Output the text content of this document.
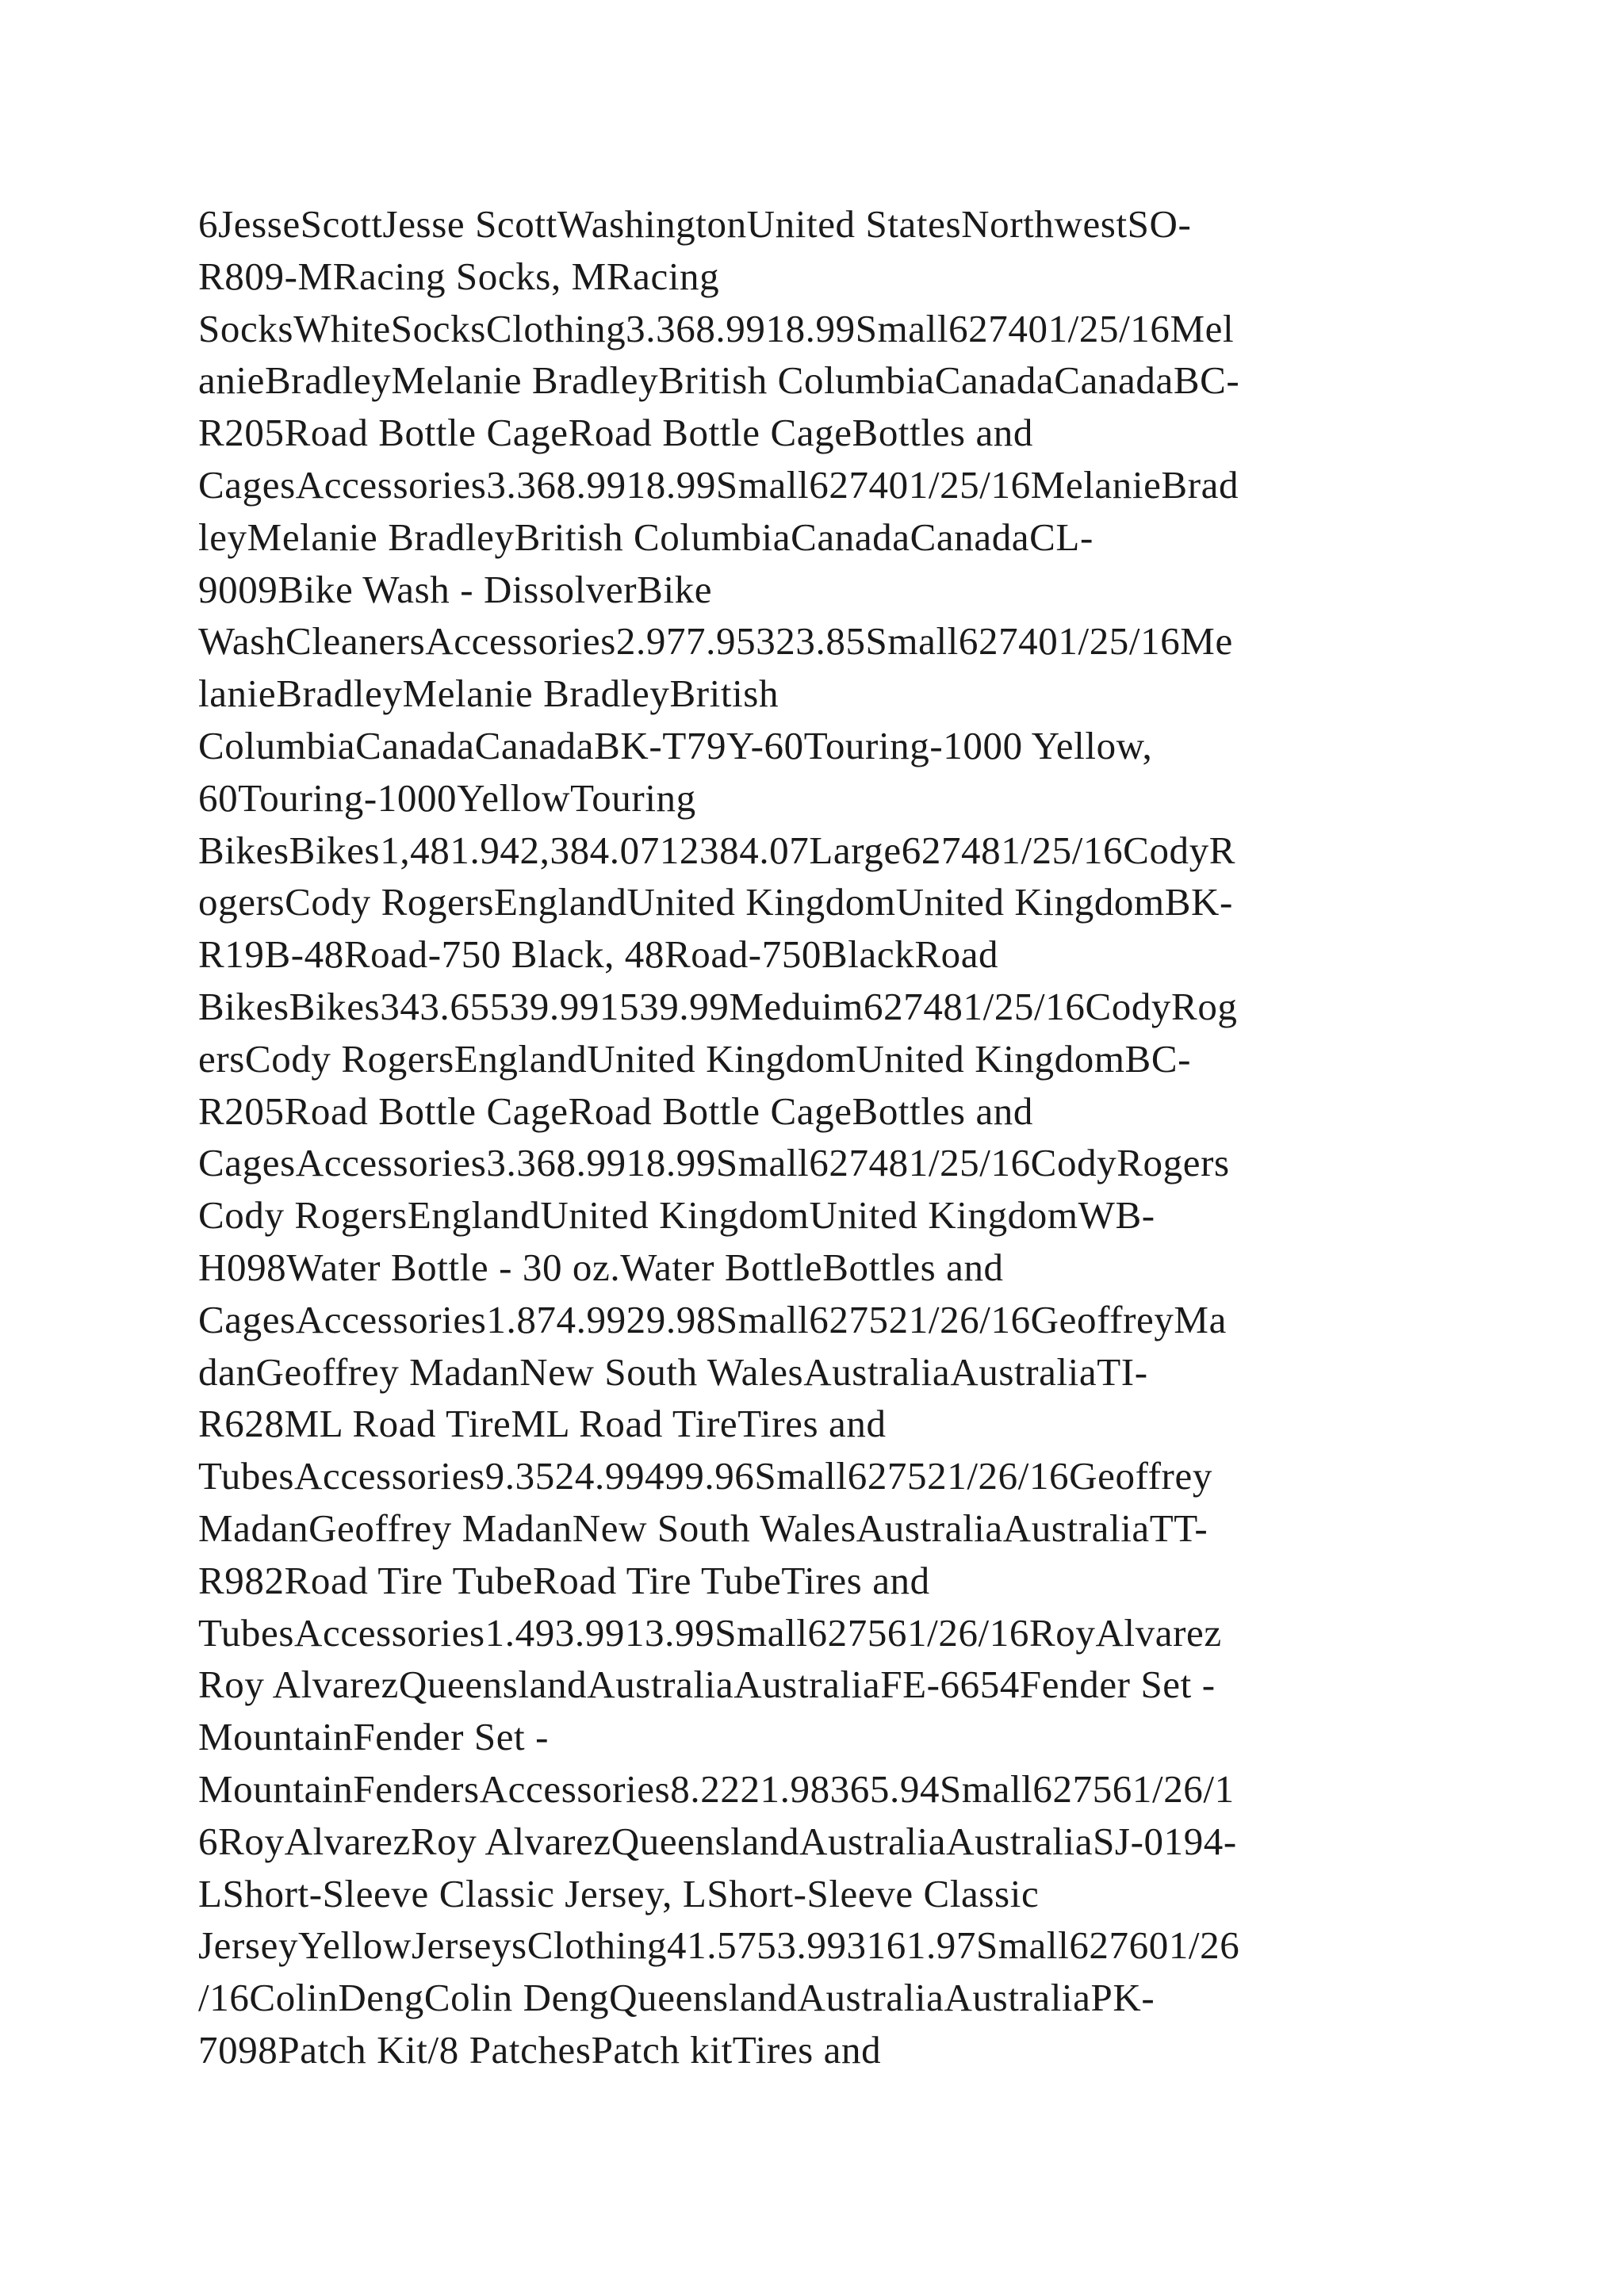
6JesseScottJesse ScottWashingtonUnited StatesNorthwestSO-
R809-MRacing Socks, MRacing
SocksWhiteSocksClothing3.368.9918.99Small627401/25/16Mel
anieBradleyMelanie BradleyBritish ColumbiaCanadaCanadaBC-
R205Road Bottle CageRoad Bottle CageBottles and
CagesAccessories3.368.9918.99Small627401/25/16MelanieBrad
leyMelanie BradleyBritish ColumbiaCanadaCanadaCL-
9009Bike Wash - DissolverBike
WashCleanersAccessories2.977.95323.85Small627401/25/16Me
lanieBradleyMelanie BradleyBritish
ColumbiaCanadaCanadaBK-T79Y-60Touring-1000 Yellow,
60Touring-1000YellowTouring
BikesBikes1,481.942,384.0712384.07Large627481/25/16CodyR
ogersCody RogersEnglandUnited KingdomUnited KingdomBK-
R19B-48Road-750 Black, 48Road-750BlackRoad
BikesBikes343.65539.991539.99Meduim627481/25/16CodyRog
ersCody RogersEnglandUnited KingdomUnited KingdomBC-
R205Road Bottle CageRoad Bottle CageBottles and
CagesAccessories3.368.9918.99Small627481/25/16CodyRogers
Cody RogersEnglandUnited KingdomUnited KingdomWB-
H098Water Bottle - 30 oz.Water BottleBottles and
CagesAccessories1.874.9929.98Small627521/26/16GeoffreyMa
danGeoffrey MadanNew South WalesAustraliaAustraliaTI-
R628ML Road TireML Road TireTires and
TubesAccessories9.3524.99499.96Small627521/26/16Geoffrey
MadanGeoffrey MadanNew South WalesAustraliaAustraliaTT-
R982Road Tire TubeRoad Tire TubeTires and
TubesAccessories1.493.9913.99Small627561/26/16RoyAlvarez
Roy AlvarezQueenslandAustraliaAustraliaFE-6654Fender Set -
MountainFender Set -
MountainFendersAccessories8.2221.98365.94Small627561/26/1
6RoyAlvarezRoy AlvarezQueenslandAustraliaAustraliaSJ-0194-
LShort-Sleeve Classic Jersey, LShort-Sleeve Classic
JerseyYellowJerseysClothing41.5753.993161.97Small627601/26
/16ColinDengColin DengQueenslandAustraliaAustraliaPK-
7098Patch Kit/8 PatchesPatch kitTires and
